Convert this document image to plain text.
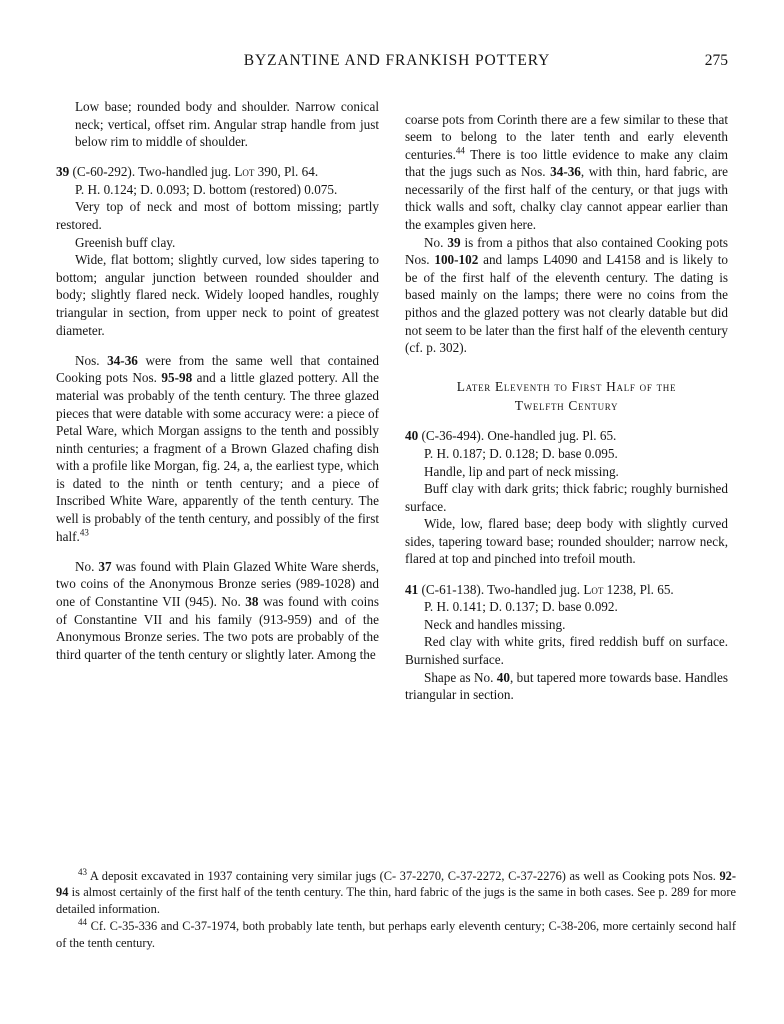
BYZANTINE AND FRANKISH POTTERY	275

Low base; rounded body and shoulder. Narrow conical neck; vertical, offset rim. Angular strap handle from just below rim to middle of shoulder.

39 (C-60-292). Two-handled jug. Lot 390, Pl. 64.

P. H. 0.124; D. 0.093; D. bottom (restored) 0.075.

Very top of neck and most of bottom missing; partly restored.

Greenish buff clay.

Wide, flat bottom; slightly curved, low sides tapering to bottom; angular junction between rounded shoulder and body; slightly flared neck. Widely looped handles, roughly triangular in section, from upper neck to point of greatest diameter.

Nos. 34-36 were from the same well that contained Cooking pots Nos. 95-98 and a little glazed pottery. All the material was probably of the tenth century. The three glazed pieces that were datable with some accuracy were: a piece of Petal Ware, which Morgan assigns to the tenth and possibly ninth centuries; a fragment of a Brown Glazed chafing dish with a profile like Morgan, fig. 24, a, the earliest type, which is dated to the ninth or tenth century; and a piece of Inscribed White Ware, apparently of the tenth century. The well is probably of the tenth century, and possibly of the first half.$^{43}$

No. 37 was found with Plain Glazed White Ware sherds, two coins of the Anonymous Bronze series (989-1028) and one of Constantine VII (945). No. 38 was found with coins of Constantine VII and his family (913-959) and of the Anonymous Bronze series. The two pots are probably of the third quarter of the tenth century or slightly later. Among the

coarse pots from Corinth there are a few similar to these that seem to belong to the later tenth and early eleventh centuries.$^{44}$ There is too little evidence to make any claim that the jugs such as Nos. 34-36, with thin, hard fabric, are necessarily of the first half of the century, or that jugs with thick walls and soft, chalky clay cannot appear earlier than the examples given here.

No. 39 is from a pithos that also contained Cooking pots Nos. 100-102 and lamps L4090 and L4158 and is likely to be of the first half of the eleventh century. The dating is based mainly on the lamps; there were no coins from the pithos and the glazed pottery was not clearly datable but did not seem to be later than the first half of the eleventh century (cf. p. 302).

Later Eleventh to First Half of the
Twelfth Century

40 (C-36-494). One-handled jug. Pl. 65.

P. H. 0.187; D. 0.128; D. base 0.095.

Handle, lip and part of neck missing.

Buff clay with dark grits; thick fabric; roughly burnished surface.

Wide, low, flared base; deep body with slightly curved sides, tapering toward base; rounded shoulder; narrow neck, flared at top and pinched into trefoil mouth.

41 (C-61-138). Two-handled jug. Lot 1238, Pl. 65.

P. H. 0.141; D. 0.137; D. base 0.092.

Neck and handles missing.

Red clay with white grits, fired reddish buff on surface. Burnished surface.

Shape as No. 40, but tapered more towards base. Handles triangular in section.

$^{43}$ A deposit excavated in 1937 containing very similar jugs (C- 37-2270, C-37-2272, C-37-2276) as well as Cooking pots Nos. 92-94 is almost certainly of the first half of the tenth century. The thin, hard fabric of the jugs is the same in both cases. See p. 289 for more detailed information.

$^{44}$ Cf. C-35-336 and C-37-1974, both probably late tenth, but perhaps early eleventh century; C-38-206, more certainly second half of the tenth century.
